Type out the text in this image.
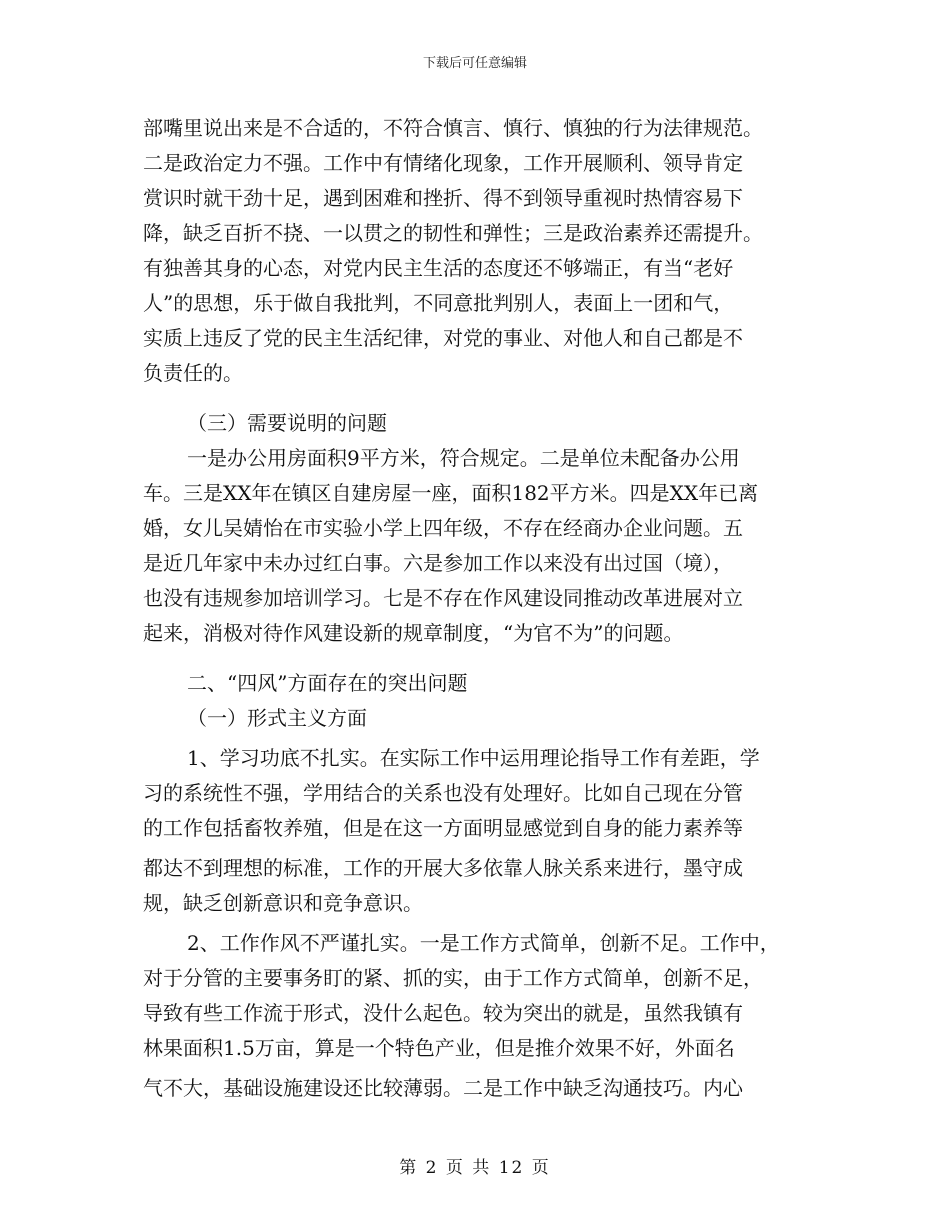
下载后可任意编辑
部嘴里说出来是不合适的，不符合慎言、慎行、慎独的行为法律规范。
二是政治定力不强。工作中有情绪化现象，工作开展顺利、领导肯定
赏识时就干劲十足，遇到困难和挫折、得不到领导重视时热情容易下
降，缺乏百折不挠、一以贯之的韧性和弹性；三是政治素养还需提升。
有独善其身的心态，对党内民主生活的态度还不够端正，有当“老好
人”的思想，乐于做自我批判，不同意批判别人，表面上一团和气，
实质上违反了党的民主生活纪律，对党的事业、对他人和自己都是不
负责任的。
（三）需要说明的问题
一是办公用房面积9平方米，符合规定。二是单位未配备办公用
车。三是XX年在镇区自建房屋一座，面积182平方米。四是XX年已离
婚，女儿吴婧怡在市实验小学上四年级，不存在经商办企业问题。五
是近几年家中未办过红白事。六是参加工作以来没有出过国（境），
也没有违规参加培训学习。七是不存在作风建设同推动改革进展对立
起来，消极对待作风建设新的规章制度，“为官不为”的问题。
二、“四风”方面存在的突出问题
（一）形式主义方面
1、学习功底不扎实。在实际工作中运用理论指导工作有差距，学
习的系统性不强，学用结合的关系也没有处理好。比如自己现在分管
的工作包括畜牧养殖，但是在这一方面明显感觉到自身的能力素养等
都达不到理想的标准，工作的开展大多依靠人脉关系来进行，墨守成
规，缺乏创新意识和竞争意识。
2、工作作风不严谨扎实。一是工作方式简单，创新不足。工作中，
对于分管的主要事务盯的紧、抓的实，由于工作方式简单，创新不足，
导致有些工作流于形式，没什么起色。较为突出的就是，虽然我镇有
林果面积1.5万亩，算是一个特色产业，但是推介效果不好，外面名
气不大，基础设施建设还比较薄弱。二是工作中缺乏沟通技巧。内心
第 2 页 共 12 页
